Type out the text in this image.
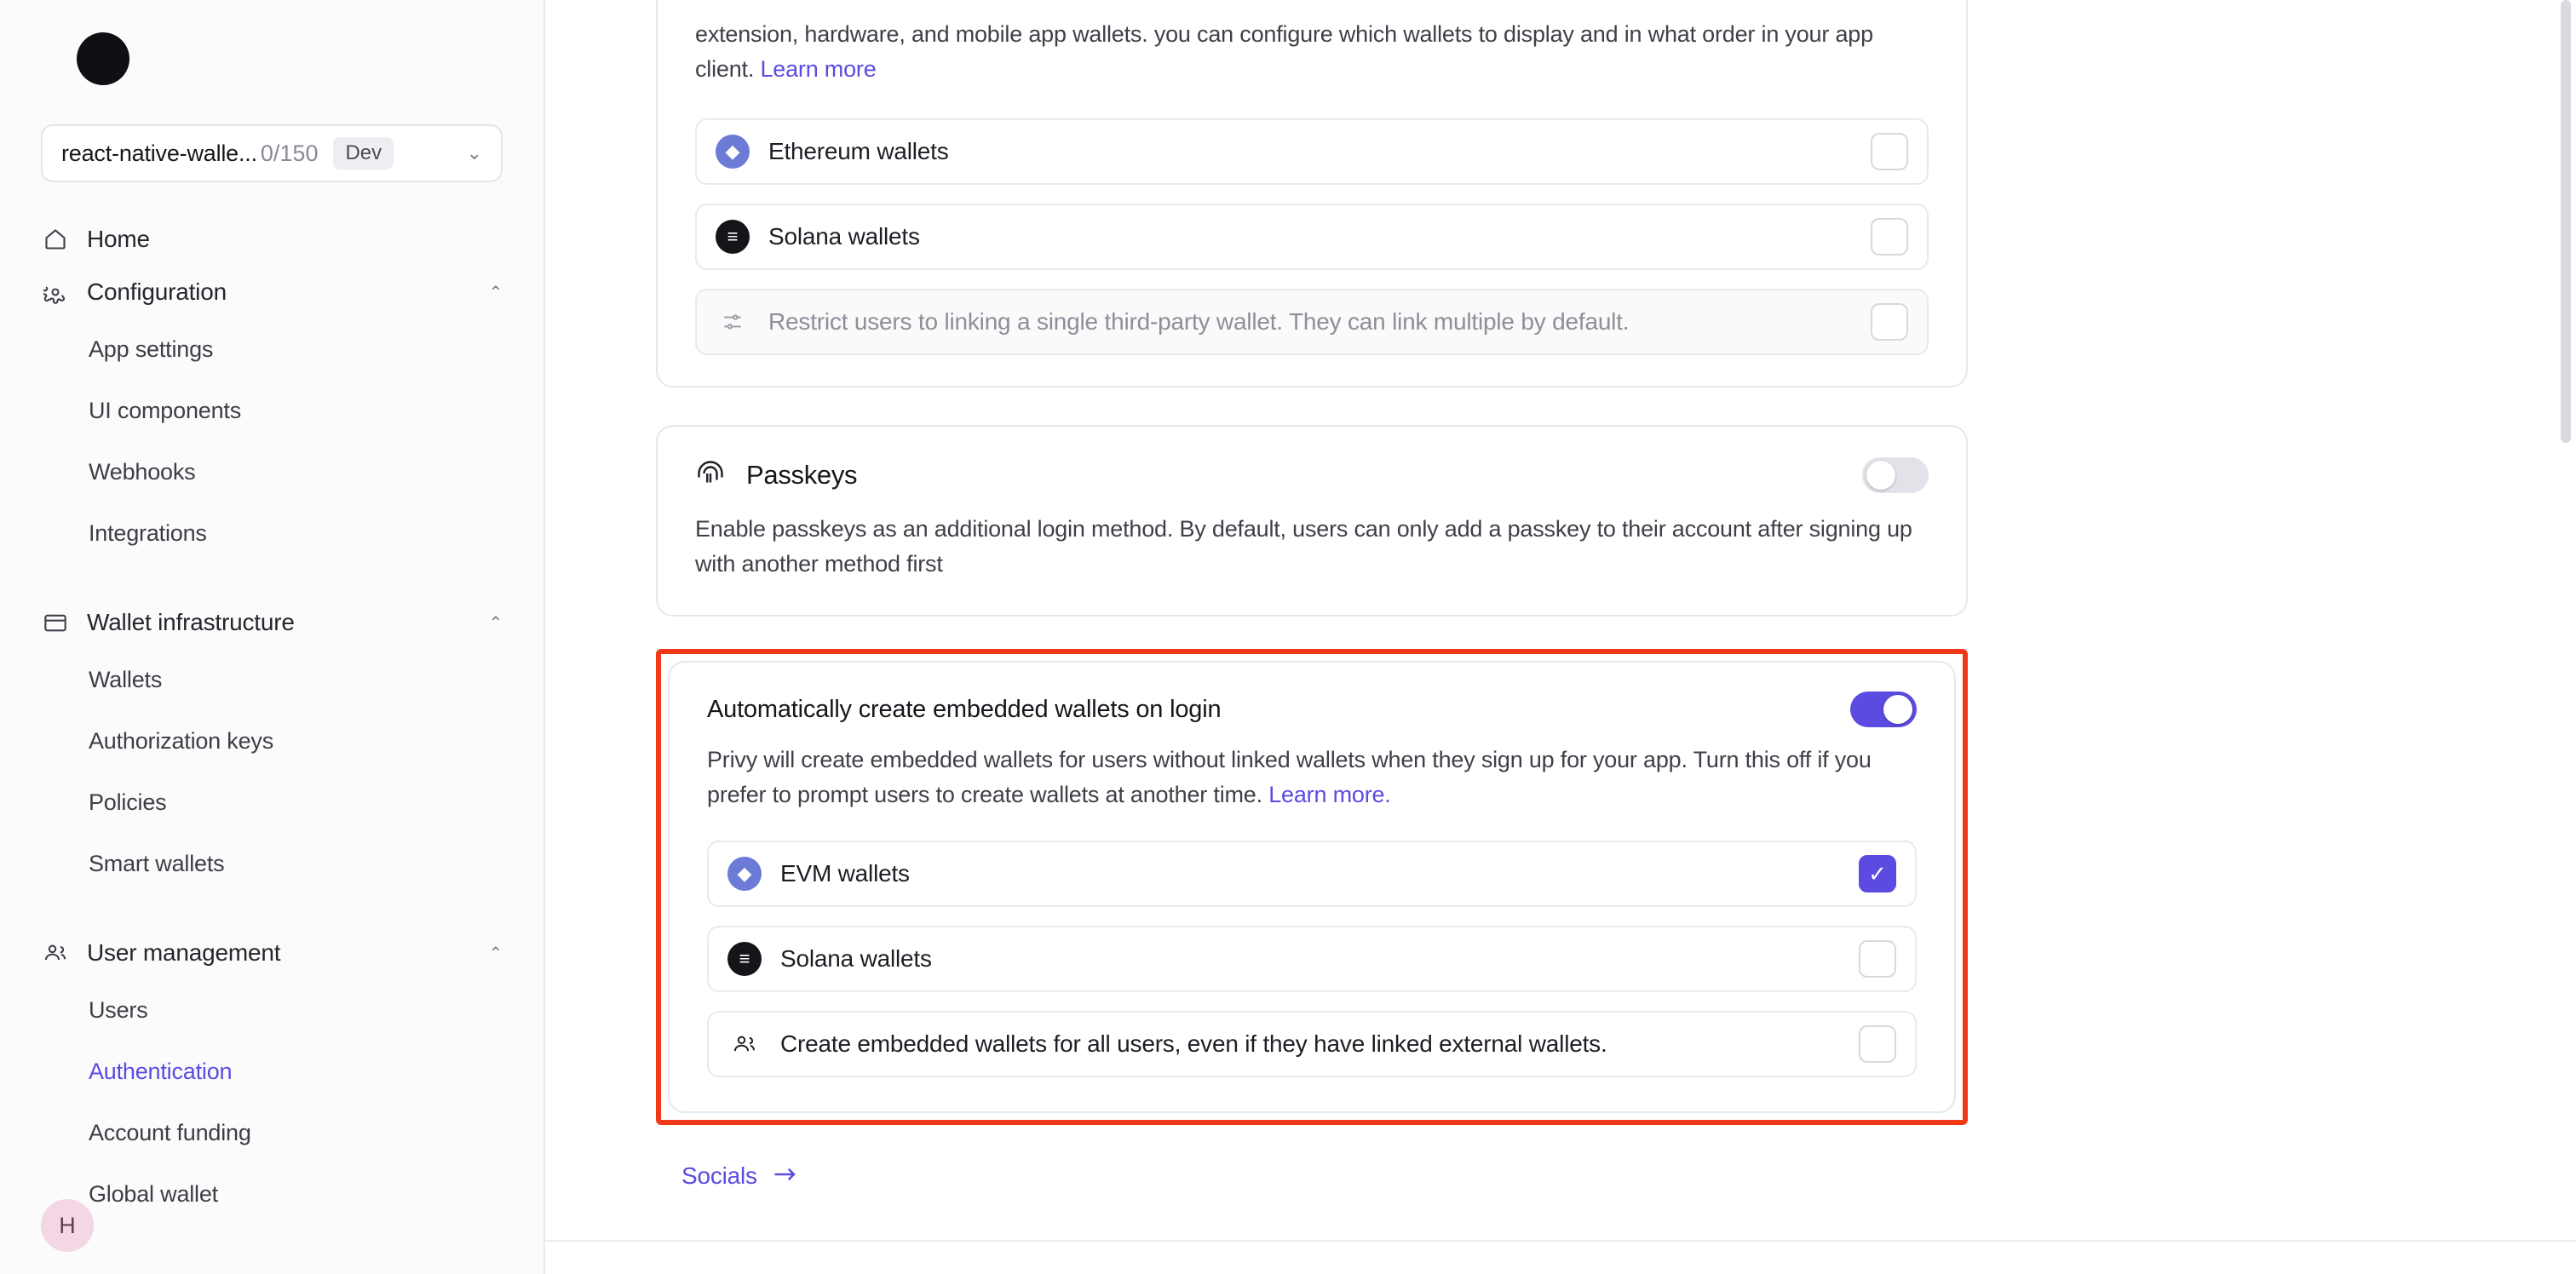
react-native-walle... 0/150	Dev	⌄
Home
Configuration	⌃
App settings
UI components
Webhooks
Integrations
Wallet infrastructure	⌃
Wallets
Authorization keys
Policies
Smart wallets
User management	⌃
Users
Authentication
Account funding
Global wallet
H

extension, hardware, and mobile app wallets. you can configure which wallets to display and in what order in your app client. Learn more

◆	Ethereum wallets
≡	Solana wallets
Restrict users to linking a single third-party wallet. They can link multiple by default.
Passkeys

Enable passkeys as an additional login method. By default, users can only add a passkey to their account after signing up with another method first

Automatically create embedded wallets on login

Privy will create embedded wallets for users without linked wallets when they sign up for your app. Turn this off if you prefer to prompt users to create wallets at another time. Learn more.

◆	EVM wallets	✓
≡	Solana wallets
Create embedded wallets for all users, even if they have linked external wallets.
Socials
